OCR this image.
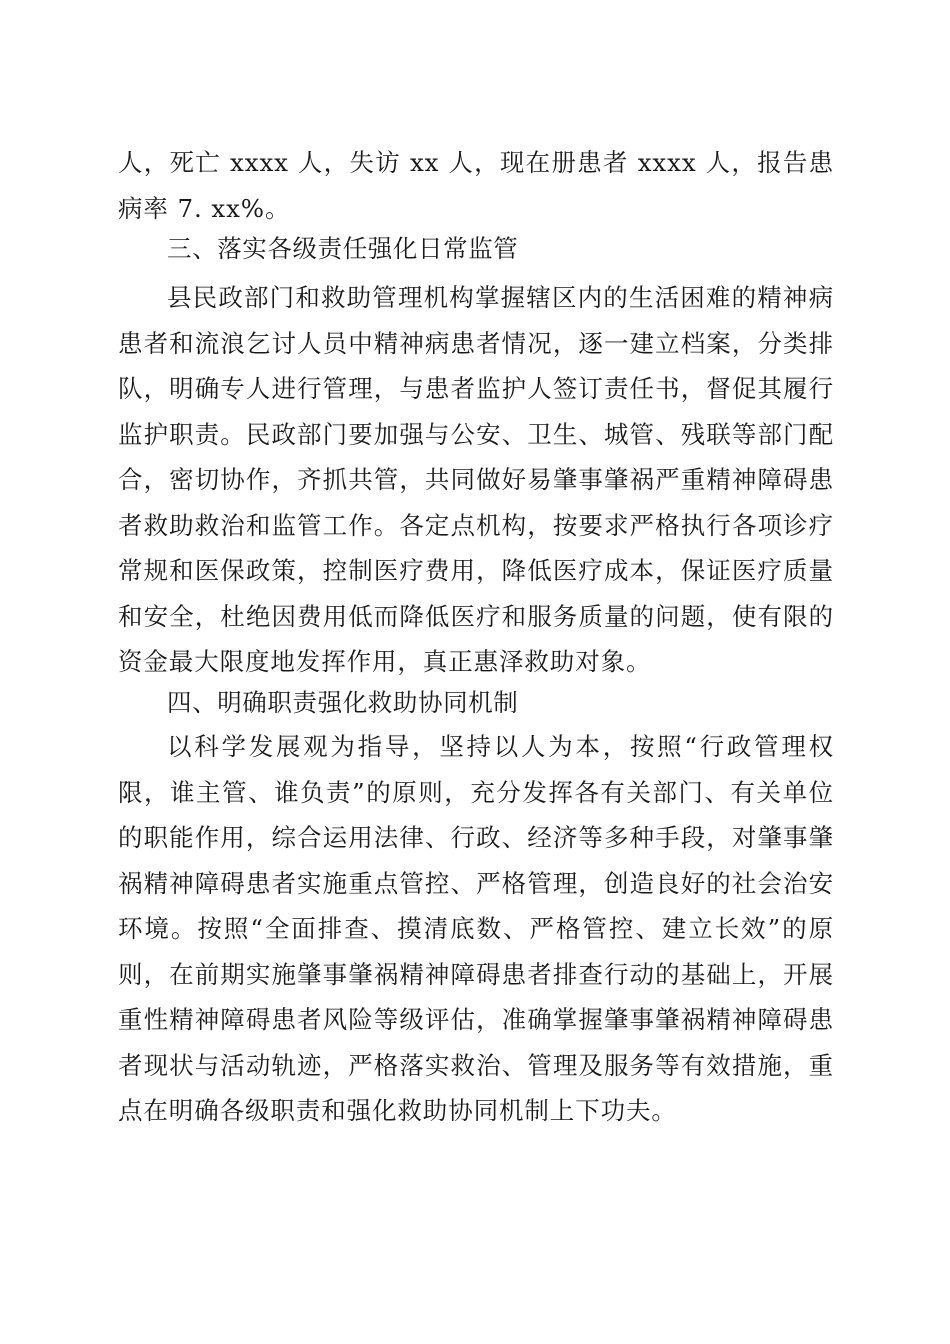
人，死亡 xxxx 人，失访 xx 人，现在册患者 xxxx 人，报告患病率 7. xx%。

三、落实各级责任强化日常监管

县民政部门和救助管理机构掌握辖区内的生活困难的精神病患者和流浪乞讨人员中精神病患者情况，逐一建立档案，分类排队，明确专人进行管理，与患者监护人签订责任书，督促其履行监护职责。民政部门要加强与公安、卫生、城管、残联等部门配合，密切协作，齐抓共管，共同做好易肇事肇祸严重精神障碍患者救助救治和监管工作。各定点机构，按要求严格执行各项诊疗常规和医保政策，控制医疗费用，降低医疗成本，保证医疗质量和安全，杜绝因费用低而降低医疗和服务质量的问题，使有限的资金最大限度地发挥作用，真正惠泽救助对象。

四、明确职责强化救助协同机制

以科学发展观为指导，坚持以人为本，按照“行政管理权限，谁主管、谁负责”的原则，充分发挥各有关部门、有关单位的职能作用，综合运用法律、行政、经济等多种手段，对肇事肇祸精神障碍患者实施重点管控、严格管理，创造良好的社会治安环境。按照“全面排查、摸清底数、严格管控、建立长效”的原则，在前期实施肇事肇祸精神障碍患者排查行动的基础上，开展重性精神障碍患者风险等级评估，准确掌握肇事肇祸精神障碍患者现状与活动轨迹，严格落实救治、管理及服务等有效措施，重点在明确各级职责和强化救助协同机制上下功夫。
